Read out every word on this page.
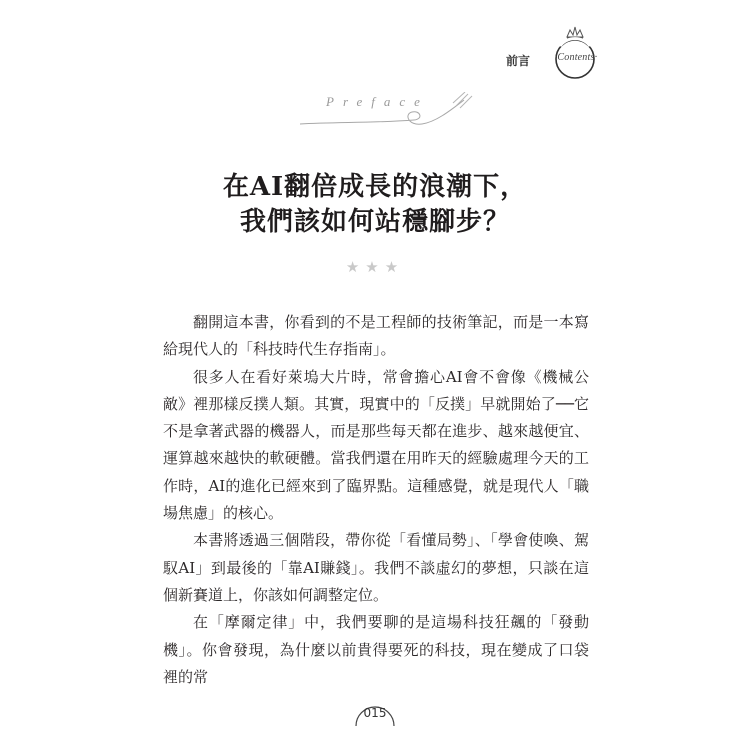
前言	·Contents·
Preface
在AI翻倍成長的浪潮下，
我們該如何站穩腳步？
★★★

翻開這本書，你看到的不是工程師的技術筆記，而是一本寫給現代人的「科技時代生存指南」。

很多人在看好萊塢大片時，常會擔心AI會不會像《機械公敵》裡那樣反撲人類。其實，現實中的「反撲」早就開始了──它不是拿著武器的機器人，而是那些每天都在進步、越來越便宜、運算越來越快的軟硬體。當我們還在用昨天的經驗處理今天的工作時，AI的進化已經來到了臨界點。這種感覺，就是現代人「職場焦慮」的核心。

本書將透過三個階段，帶你從「看懂局勢」、「學會使喚、駕馭AI」到最後的「靠AI賺錢」。我們不談虛幻的夢想，只談在這個新賽道上，你該如何調整定位。

在「摩爾定律」中，我們要聊的是這場科技狂飆的「發動機」。你會發現，為什麼以前貴得要死的科技，現在變成了口袋裡的常

015
